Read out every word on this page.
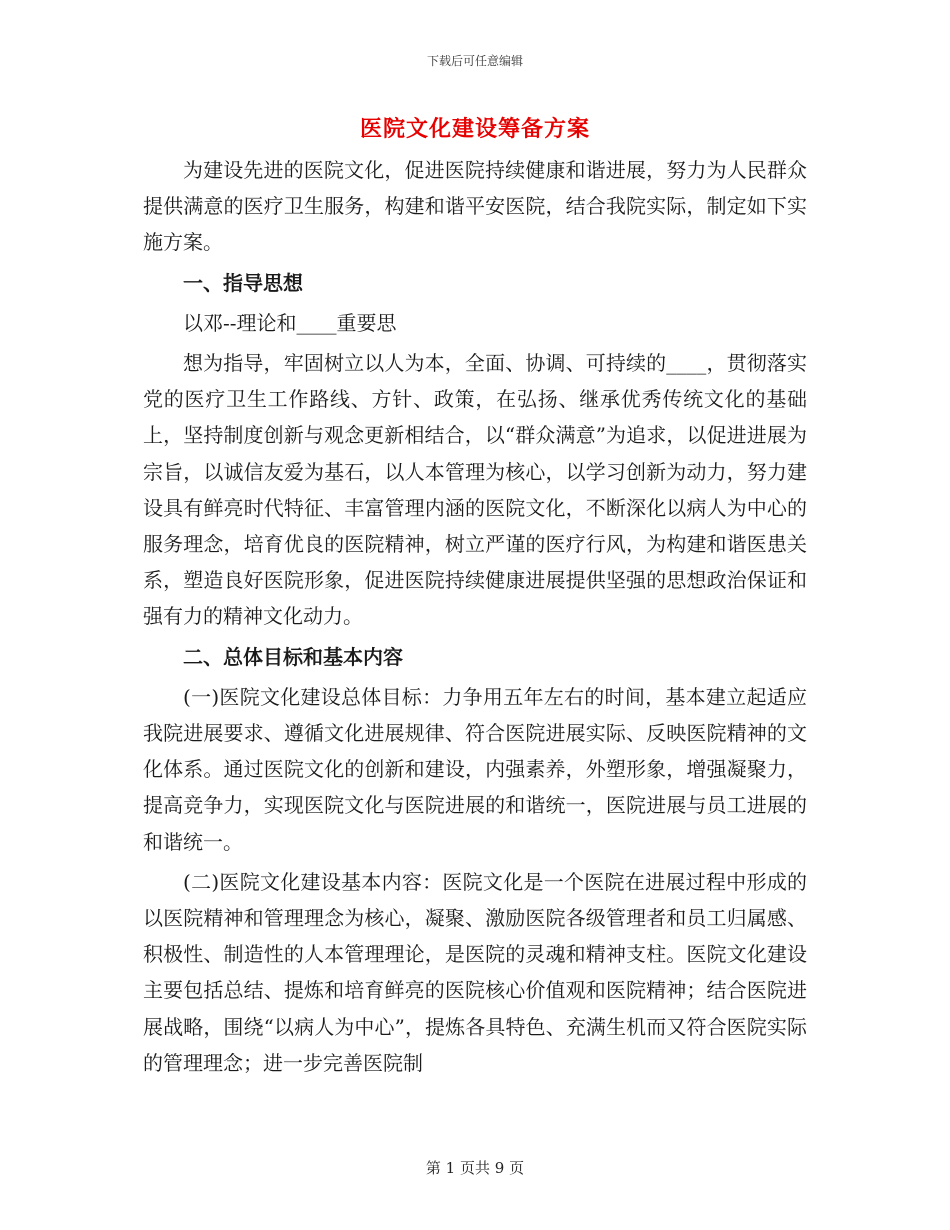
下载后可任意编辑
医院文化建设筹备方案

为建设先进的医院文化，促进医院持续健康和谐进展，努力为人民群众提供满意的医疗卫生服务，构建和谐平安医院，结合我院实际，制定如下实施方案。

一、指导思想

以邓--理论和____重要思

想为指导，牢固树立以人为本，全面、协调、可持续的____，贯彻落实党的医疗卫生工作路线、方针、政策，在弘扬、继承优秀传统文化的基础上，坚持制度创新与观念更新相结合，以“群众满意”为追求，以促进进展为宗旨，以诚信友爱为基石，以人本管理为核心，以学习创新为动力，努力建设具有鲜亮时代特征、丰富管理内涵的医院文化，不断深化以病人为中心的服务理念，培育优良的医院精神，树立严谨的医疗行风，为构建和谐医患关系，塑造良好医院形象，促进医院持续健康进展提供坚强的思想政治保证和强有力的精神文化动力。

二、总体目标和基本内容

(一)医院文化建设总体目标：力争用五年左右的时间，基本建立起适应我院进展要求、遵循文化进展规律、符合医院进展实际、反映医院精神的文化体系。通过医院文化的创新和建设，内强素养，外塑形象，增强凝聚力，提高竞争力，实现医院文化与医院进展的和谐统一，医院进展与员工进展的和谐统一。

(二)医院文化建设基本内容：医院文化是一个医院在进展过程中形成的以医院精神和管理理念为核心，凝聚、激励医院各级管理者和员工归属感、积极性、制造性的人本管理理论，是医院的灵魂和精神支柱。医院文化建设主要包括总结、提炼和培育鲜亮的医院核心价值观和医院精神；结合医院进展战略，围绕“以病人为中心”，提炼各具特色、充满生机而又符合医院实际的管理理念；进一步完善医院制

第 1 页共 9 页
